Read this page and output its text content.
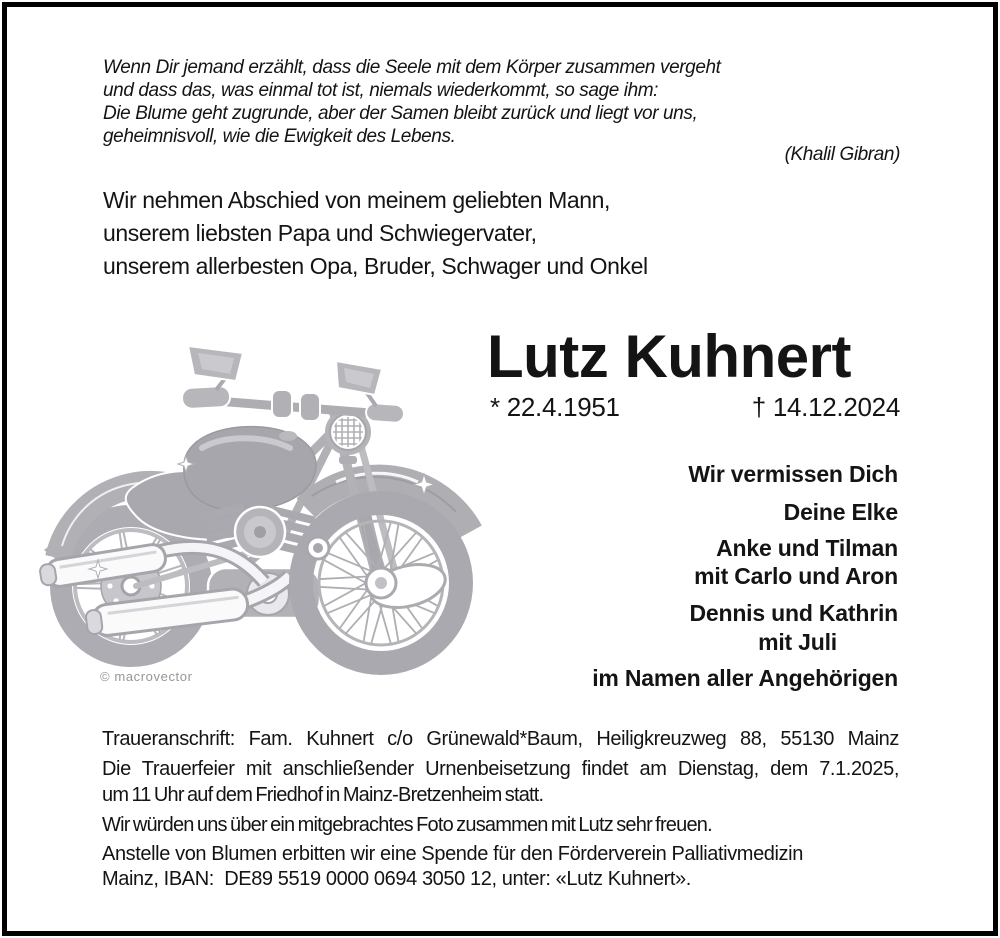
Wenn Dir jemand erzählt, dass die Seele mit dem Körper zusammen vergeht
und dass das, was einmal tot ist, niemals wiederkommt, so sage ihm:
Die Blume geht zugrunde, aber der Samen bleibt zurück und liegt vor uns,
geheimnisvoll, wie die Ewigkeit des Lebens.
(Khalil Gibran)
Wir nehmen Abschied von meinem geliebten Mann,
unserem liebsten Papa und Schwiegervater,
unserem allerbesten Opa, Bruder, Schwager und Onkel
Lutz Kuhnert
* 22.4.1951	† 14.12.2024
Wir vermissen Dich
Deine Elke
Anke und Tilman
mit Carlo und Aron
Dennis und Kathrin
mit Juli
im Namen aller Angehörigen
© macrovector
Traueranschrift: Fam. Kuhnert c/o Grünewald*Baum, Heiligkreuzweg 88, 55130 Mainz
Die Trauerfeier mit anschließender Urnenbeisetzung findet am Dienstag, dem 7.1.2025,
um 11 Uhr auf dem Friedhof in Mainz-Bretzenheim statt.
Wir würden uns über ein mitgebrachtes Foto zusammen mit Lutz sehr freuen.
Anstelle von Blumen erbitten wir eine Spende für den Förderverein Palliativmedizin
Mainz, IBAN:  DE89 5519 0000 0694 3050 12, unter: «Lutz Kuhnert».
